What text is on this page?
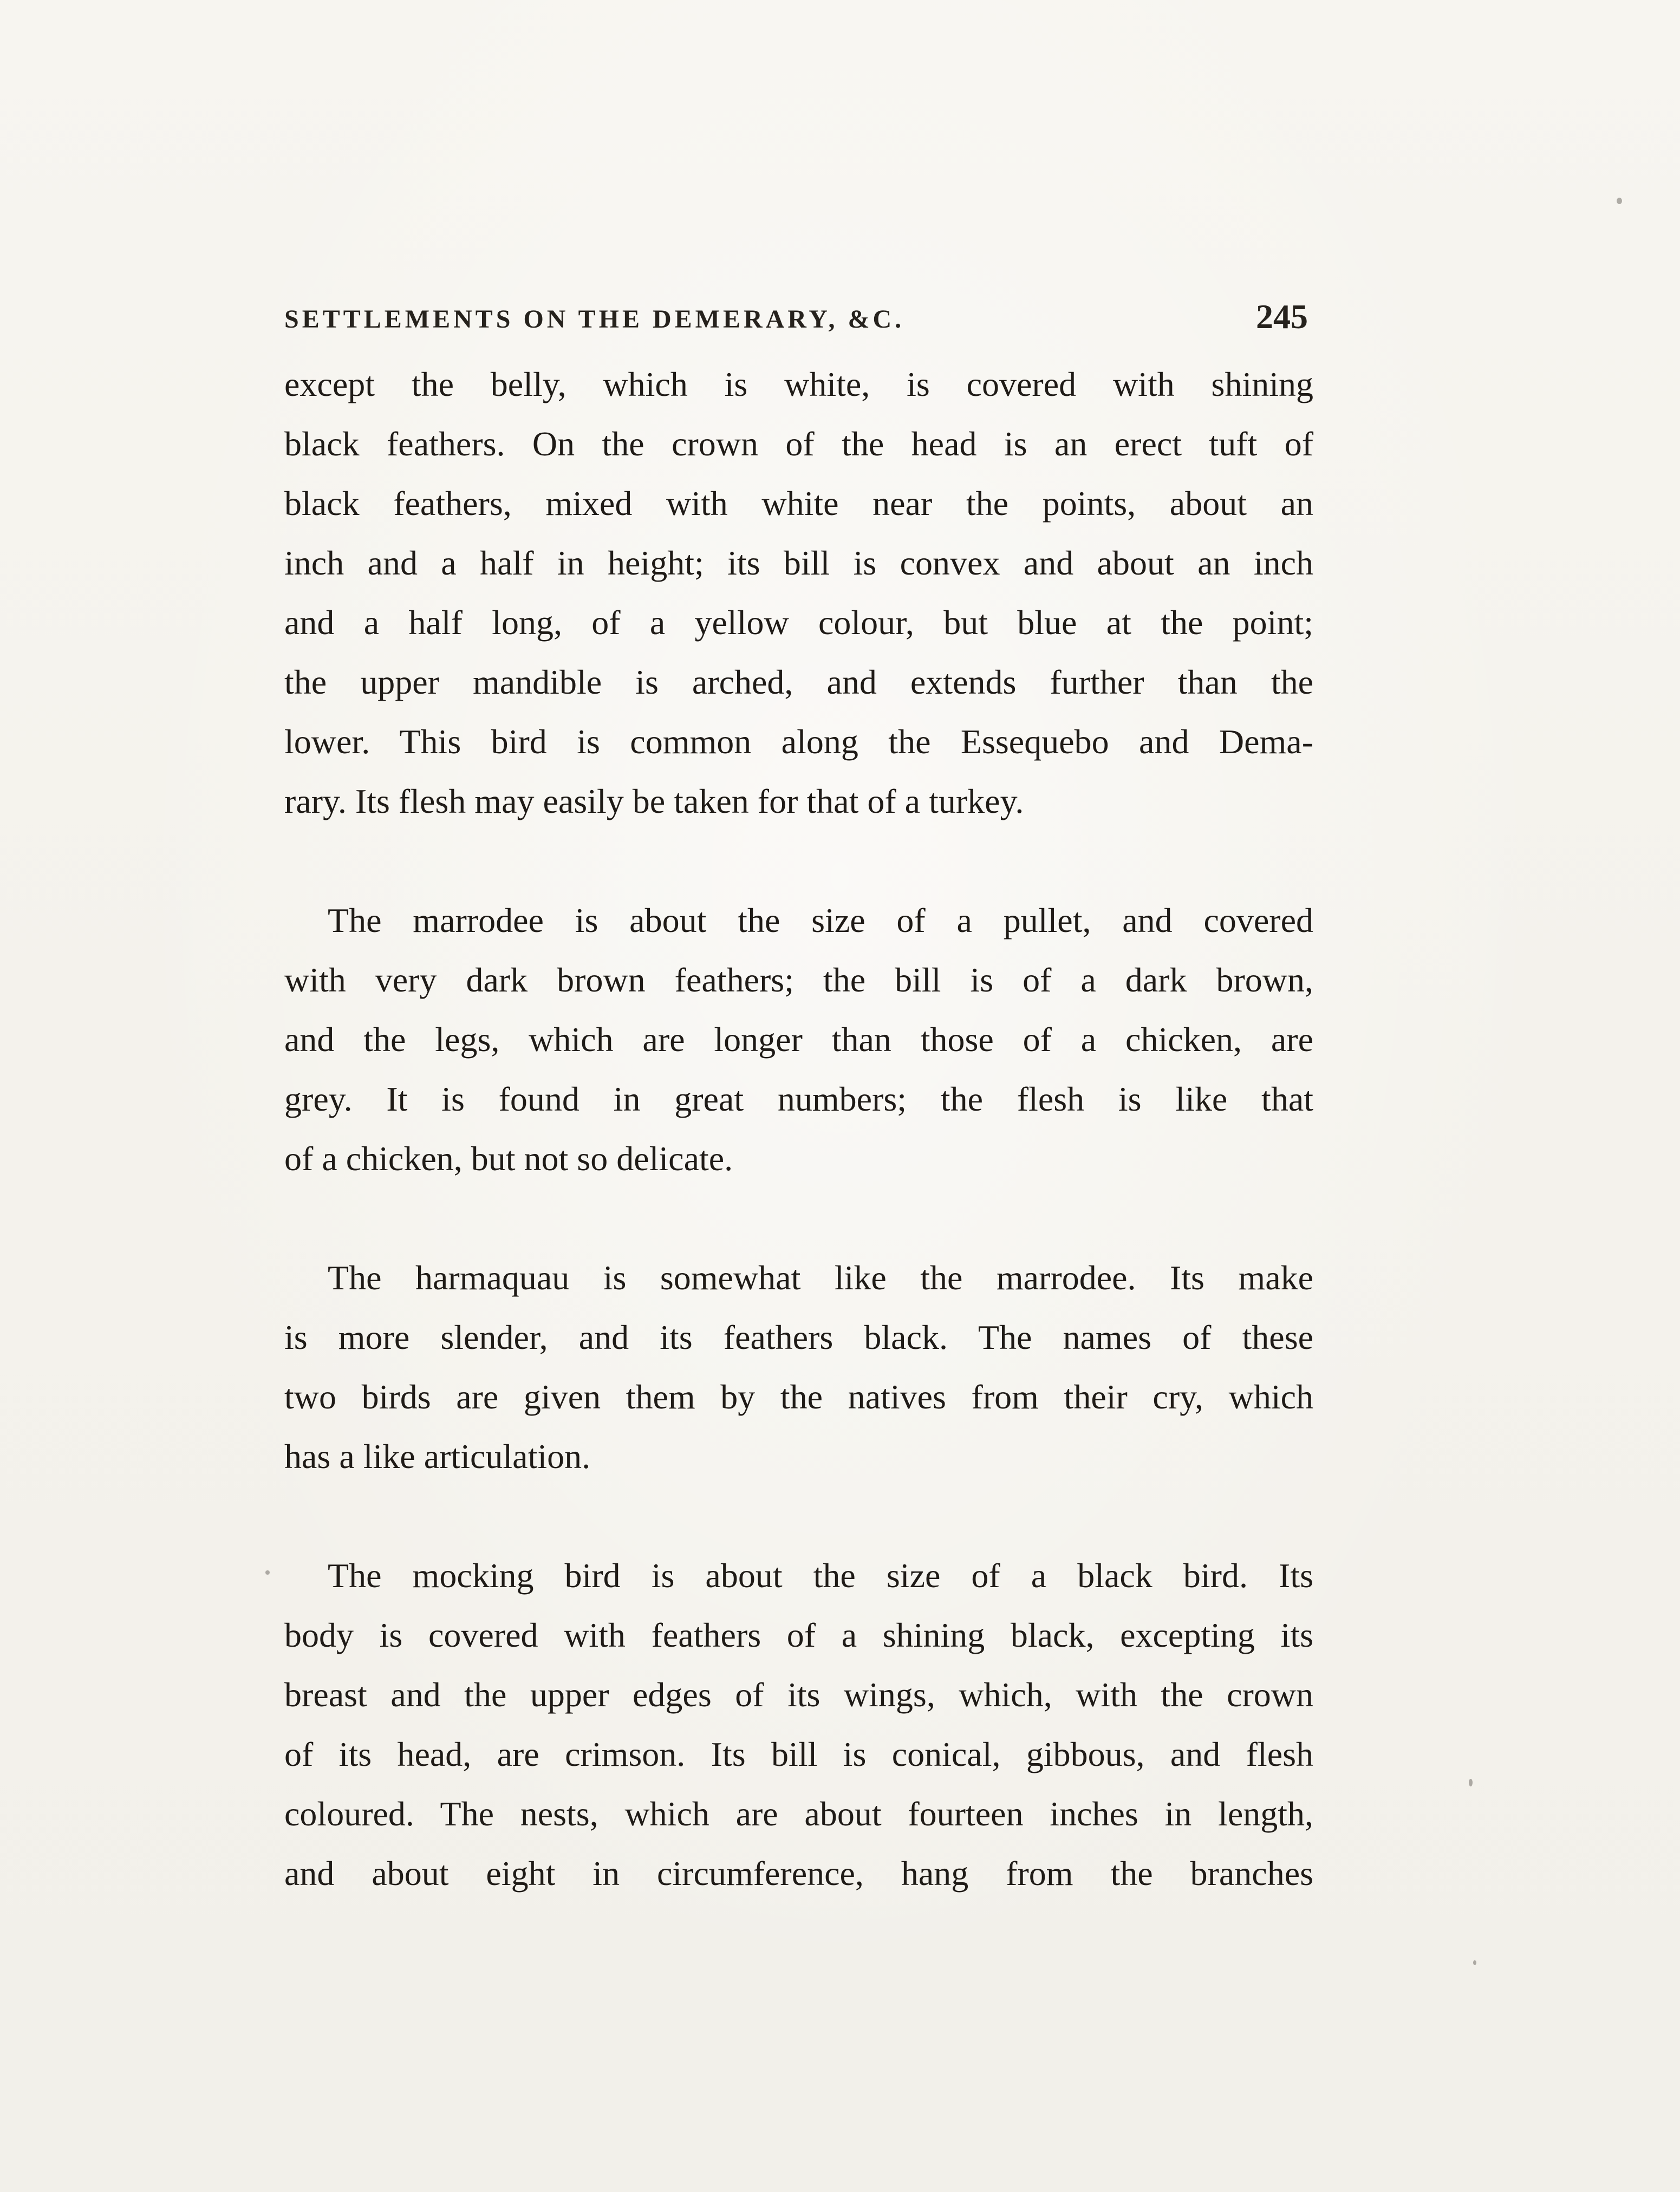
SETTLEMENTS ON THE DEMERARY, &C.	245
except the belly, which is white, is covered with shining
black feathers. On the crown of the head is an erect tuft of
black feathers, mixed with white near the points, about an
inch and a half in height; its bill is convex and about an inch
and a half long, of a yellow colour, but blue at the point;
the upper mandible is arched, and extends further than the
lower. This bird is common along the Essequebo and Dema-
rary. Its flesh may easily be taken for that of a turkey.
The marrodee is about the size of a pullet, and covered
with very dark brown feathers; the bill is of a dark brown,
and the legs, which are longer than those of a chicken, are
grey. It is found in great numbers; the flesh is like that
of a chicken, but not so delicate.
The harmaquau is somewhat like the marrodee. Its make
is more slender, and its feathers black. The names of these
two birds are given them by the natives from their cry, which
has a like articulation.
The mocking bird is about the size of a black bird. Its
body is covered with feathers of a shining black, excepting its
breast and the upper edges of its wings, which, with the crown
of its head, are crimson. Its bill is conical, gibbous, and flesh
coloured. The nests, which are about fourteen inches in length,
and about eight in circumference, hang from the branches
